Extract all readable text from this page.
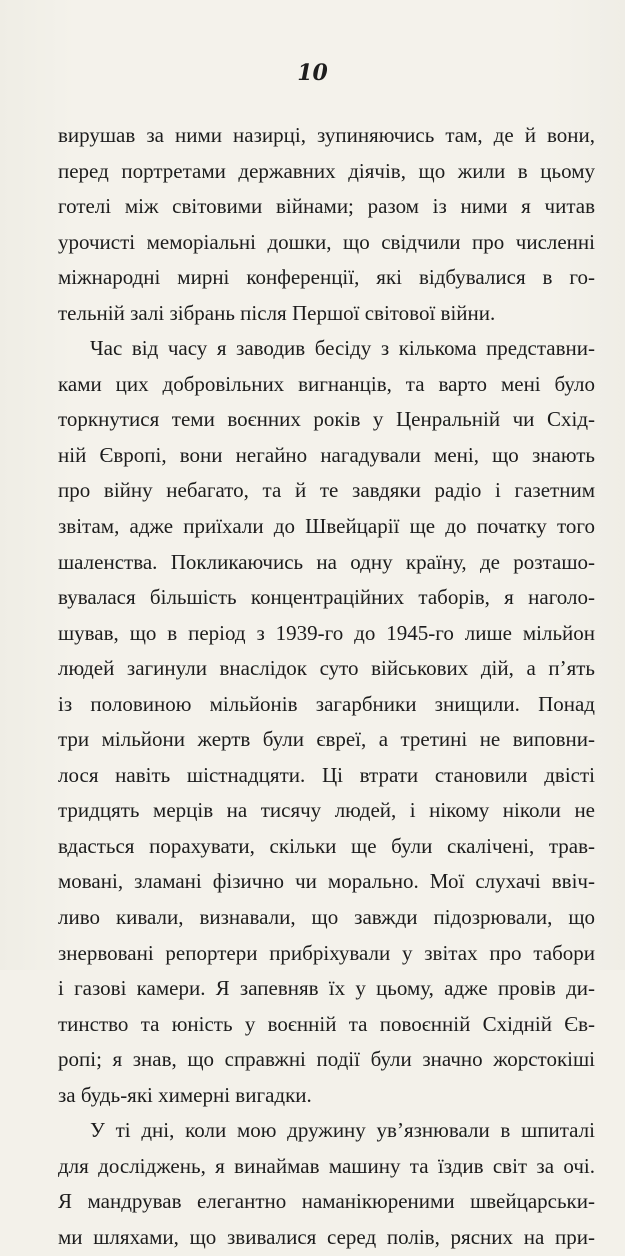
10
вирушав за ними назирці, зупиняючись там, де й вони,
перед портретами державних діячів, що жили в цьому
готелі між світовими війнами; разом із ними я читав
урочисті меморіальні дошки, що свідчили про численні
міжнародні мирні конференції, які відбувалися в го-
тельній залі зібрань після Першої світової війни.
Час від часу я заводив бесіду з кількома представни-
ками цих добровільних вигнанців, та варто мені було
торкнутися теми воєнних років у Ценральній чи Схід-
ній Європі, вони негайно нагадували мені, що знають
про війну небагато, та й те завдяки радіо і газетним
звітам, адже приїхали до Швейцарії ще до початку того
шаленства. Покликаючись на одну країну, де розташо-
вувалася більшість концентраційних таборів, я наголо-
шував, що в період з 1939-го до 1945-го лише мільйон
людей загинули внаслідок суто військових дій, а п’ять
із половиною мільйонів загарбники знищили. Понад
три мільйони жертв були євреї, а третині не виповни-
лося навіть шістнадцяти. Ці втрати становили двісті
тридцять мерців на тисячу людей, і нікому ніколи не
вдасться порахувати, скільки ще були скалічені, трав-
мовані, зламані фізично чи морально. Мої слухачі ввіч-
ливо кивали, визнавали, що завжди підозрювали, що
знервовані репортери прибріхували у звітах про табори
і газові камери. Я запевняв їх у цьому, адже провів ди-
тинство та юність у воєнній та повоєнній Східній Єв-
ропі; я знав, що справжні події були значно жорстокіші
за будь-які химерні вигадки.
У ті дні, коли мою дружину ув’язнювали в шпиталі
для досліджень, я винаймав машину та їздив світ за очі.
Я мандрував елегантно наманікюреними швейцарськи-
ми шляхами, що звивалися серед полів, рясних на при-
